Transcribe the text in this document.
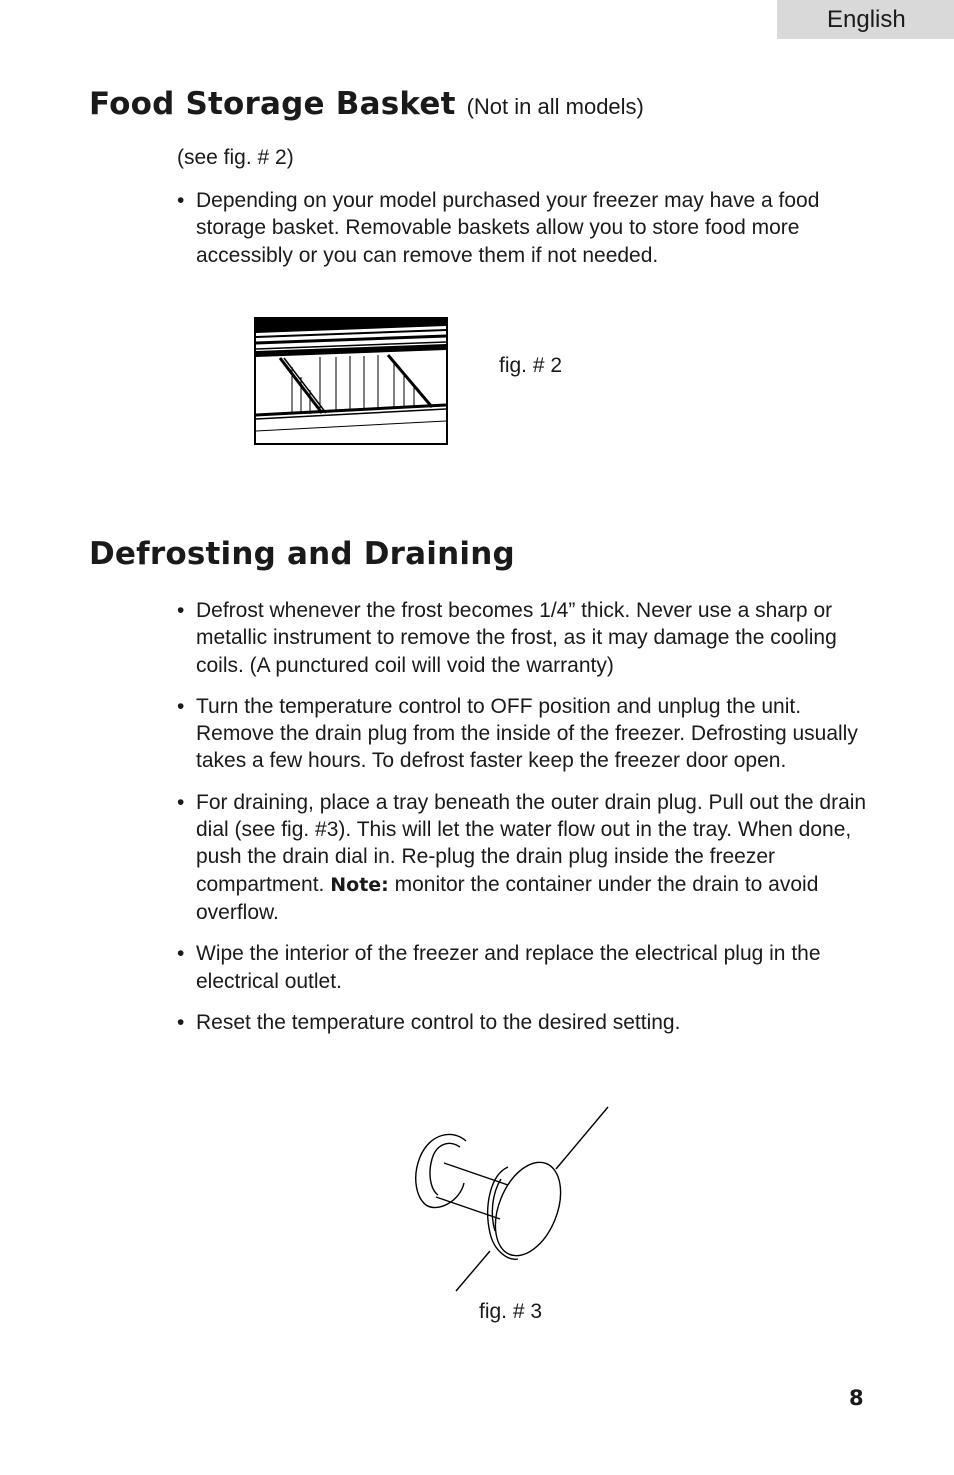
English
Food Storage Basket (Not in all models)
(see fig. # 2)
• Depending on your model purchased your freezer may have a food storage basket. Removable baskets allow you to store food more accessibly or you can remove them if not needed.
fig. # 2
Defrosting and Draining
• Defrost whenever the frost becomes 1/4” thick. Never use a sharp or metallic instrument to remove the frost, as it may damage the cooling coils. (A punctured coil will void the warranty)
• Turn the temperature control to OFF position and unplug the unit. Remove the drain plug from the inside of the freezer. Defrosting usually takes a few hours. To defrost faster keep the freezer door open.
• For draining, place a tray beneath the outer drain plug. Pull out the drain dial (see fig. #3). This will let the water flow out in the tray. When done, push the drain dial in. Re-plug the drain plug inside the freezer compartment. Note: monitor the container under the drain to avoid overflow.
• Wipe the interior of the freezer and replace the electrical plug in the electrical outlet.
• Reset the temperature control to the desired setting.
fig. # 3
8
